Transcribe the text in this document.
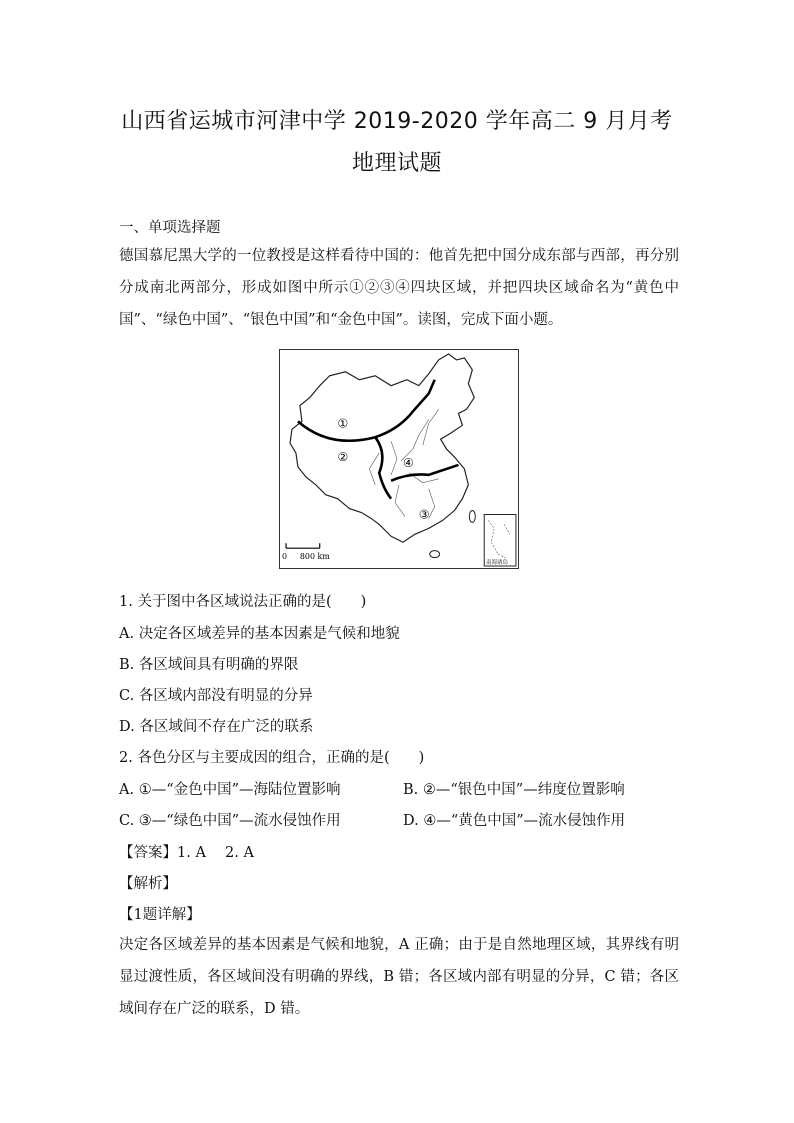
山西省运城市河津中学 2019-2020 学年高二 9 月月考
地理试题
一、单项选择题
德国慕尼黑大学的一位教授是这样看待中国的：他首先把中国分成东部与西部，再分别分成南北两部分，形成如图中所示①②③④四块区域，并把四块区域命名为“黄色中国”、“绿色中国”、“银色中国”和“金色中国”。读图，完成下面小题。
①
②
③
④
0 800 km
南海诸岛
1. 关于图中各区域说法正确的是(　　)
A. 决定各区域差异的基本因素是气候和地貌
B. 各区域间具有明确的界限
C. 各区域内部没有明显的分异
D. 各区域间不存在广泛的联系
2. 各色分区与主要成因的组合，正确的是(　　)
A. ①—“金色中国”—海陆位置影响	B. ②—“银色中国”—纬度位置影响
C. ③—“绿色中国”—流水侵蚀作用	D. ④—“黄色中国”—流水侵蚀作用
【答案】1. A　 2. A
【解析】
【1题详解】
决定各区域差异的基本因素是气候和地貌，A 正确；由于是自然地理区域，其界线有明显过渡性质，各区域间没有明确的界线，B 错；各区域内部有明显的分异，C 错；各区域间存在广泛的联系，D 错。
